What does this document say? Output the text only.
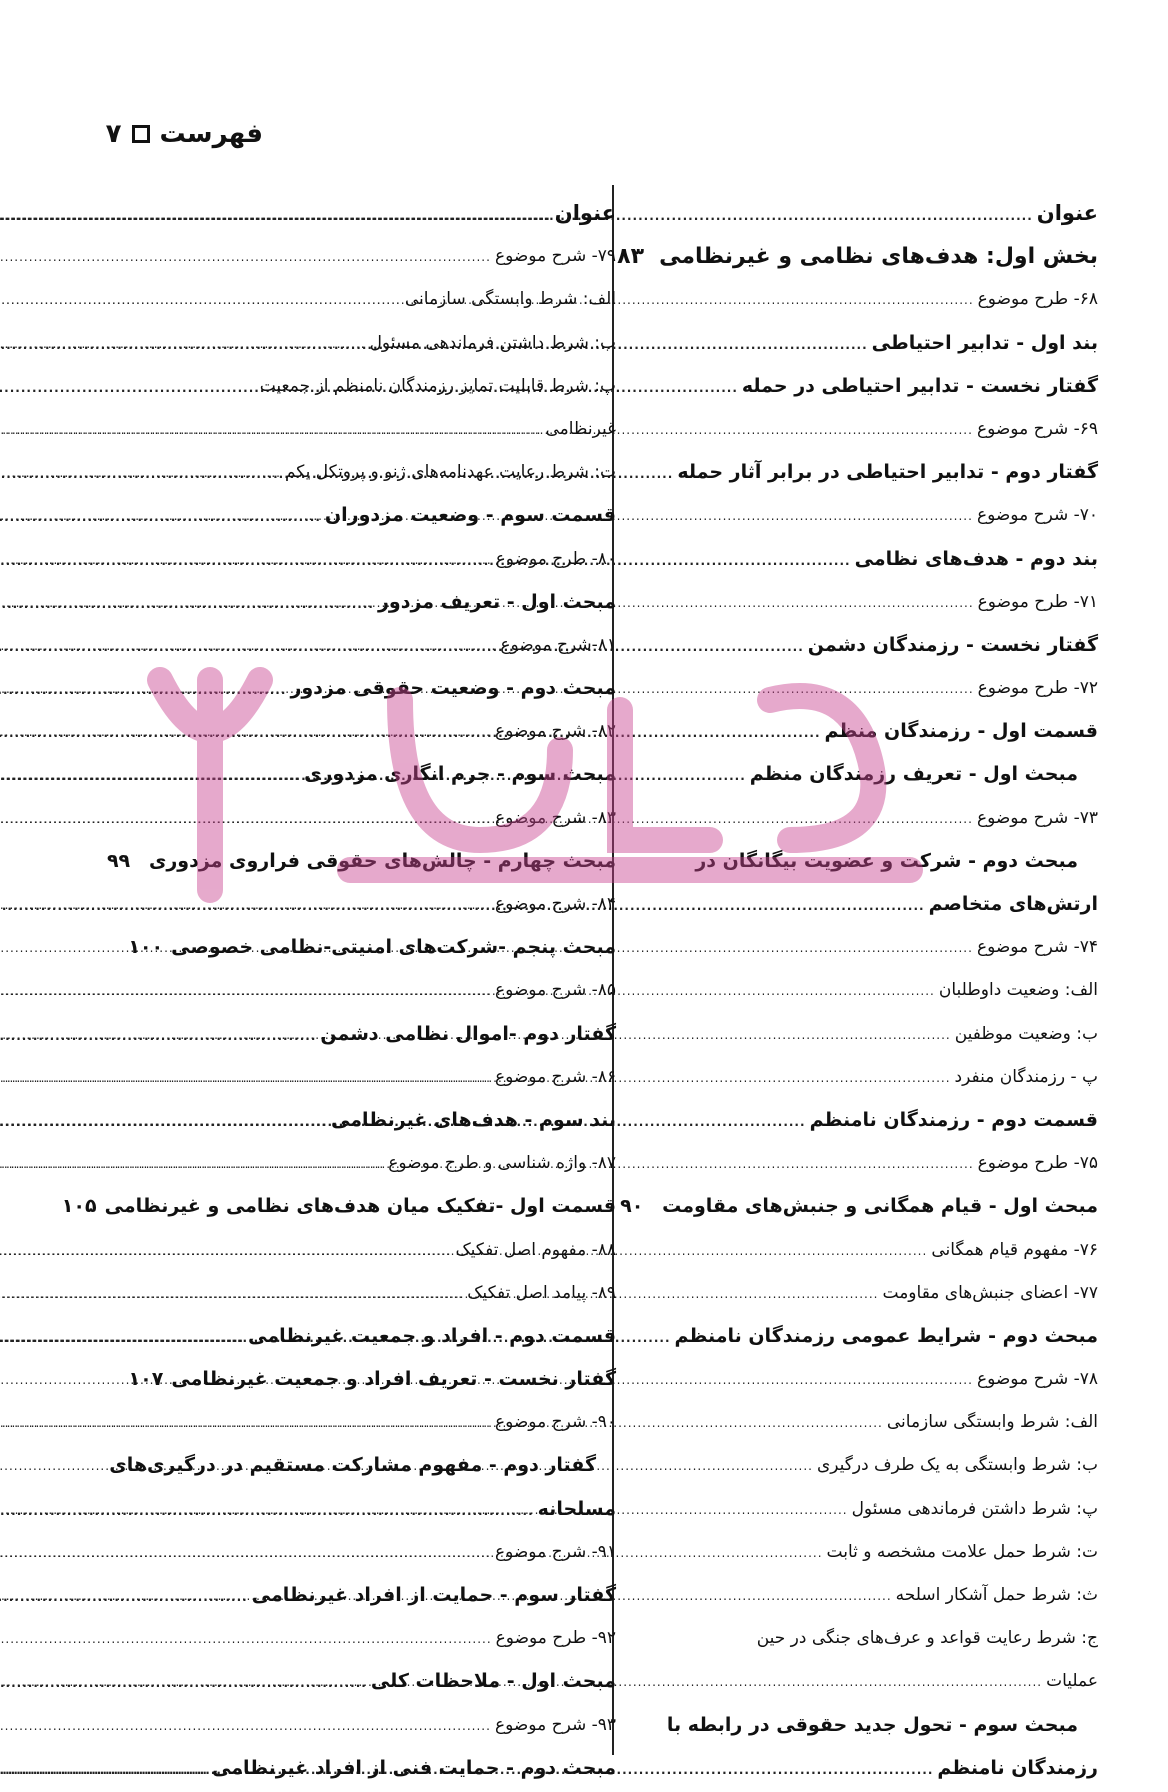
فهرست
۷
عنوان
.....
بخش اول: هدف‌های نظامی و غیرنظامی
۸۳
۶۸- طرح موضوع
.....
بند اول - تدابیر احتیاطی
.....
گفتار نخست - تدابیر احتیاطی در حمله
.....
۶۹- شرح موضوع
.....
گفتار دوم - تدابیر احتیاطی در برابر آثار حمله
.....
۷۰- شرح موضوع
.....
بند دوم - هدف‌های نظامی
.....
۷۱- طرح موضوع
.....
گفتار نخست - رزمندگان دشمن
.....
۷۲- طرح موضوع
.....
قسمت اول - رزمندگان منظم
.....
مبحث اول - تعریف رزمندگان منظم
.....
۷۳- شرح موضوع
.....
مبحث دوم - شرکت و عضویت بیگانگان در
ارتش‌های متخاصم
.....
۷۴- شرح موضوع
.....
الف: وضعیت داوطلبان
.....
ب: وضعیت موظفین
.....
پ - رزمندگان منفرد
.....
قسمت دوم - رزمندگان نامنظم
.....
۷۵- طرح موضوع
.....
مبحث اول - قیام همگانی و جنبش‌های مقاومت
۹۰
۷۶- مفهوم قیام همگانی
.....
۷۷- اعضای جنبش‌های مقاومت
.....
مبحث دوم - شرایط عمومی رزمندگان نامنظم
.....
۷۸- شرح موضوع
.....
الف: شرط وابستگی سازمانی
.....
ب: شرط وابستگی به یک طرف درگیری
.....
پ: شرط داشتن فرماندهی مسئول
.....
ت: شرط حمل علامت مشخصه و ثابت
.....
ث: شرط حمل آشکار اسلحه
.....
ج: شرط رعایت قواعد و عرف‌های جنگی در حین
عملیات
.....
مبحث سوم - تحول جدید حقوقی در رابطه با
رزمندگان نامنظم
.....
عنوان
.....
۷۹- شرح موضوع
.....
الف: شرط وابستگی سازمانی
.....
ب: شرط داشتن فرماندهی مسئول
.....
پ: شرط قابلیت تمایز رزمندگان نامنظم از جمعیت
غیرنظامی
.....
ت: شرط رعایت عهدنامه‌های ژنو و پروتکل یکم
.....
قسمت سوم - وضعیت مزدوران
.....
۸۰- طرح موضوع
.....
مبحث اول - تعریف مزدور
.....
۸۱-شرح موضوع
.....
مبحث دوم - وضعیت حقوقی مزدور
.....
۸۲- شرح موضوع
.....
مبحث سوم - جرم انگاری مزدوری
.....
۸۳- شرح موضوع
.....
مبحث چهارم - چالش‌های حقوقی فراروی مزدوری
۹۹
۸۴- شرح موضوع
.....
مبحث پنجم -شرکت‌های امنیتی-نظامی خصوصی
۱۰۰
۸۵- شرح موضوع
.....
گفتار دوم -اموال نظامی دشمن
.....
۸۶- شرح موضوع
.....
بند سوم - هدف‌های غیرنظامی
.....
۸۷- واژه شناسی و طرح موضوع
.....
قسمت اول -تفکیک میان هدف‌های نظامی و غیرنظامی
۱۰۵
۸۸- مفهوم اصل تفکیک
.....
۸۹- پیامد اصل تفکیک
.....
قسمت دوم - افراد و جمعیت غیرنظامی
.....
گفتار نخست - تعریف افراد و جمعیت غیرنظامی
۱۰۷
۹۰- شرح موضوع
.....
گفتار دوم - مفهوم مشارکت مستقیم در درگیری‌های
مسلحانه
.....
۹۱- شرح موضوع
.....
گفتار سوم - حمایت از افراد غیرنظامی
.....
۹۲- طرح موضوع
.....
مبحث اول - ملاحظات کلی
.....
۹۳- شرح موضوع
.....
مبحث دوم - حمایت فنی از افراد غیرنظامی
.....
